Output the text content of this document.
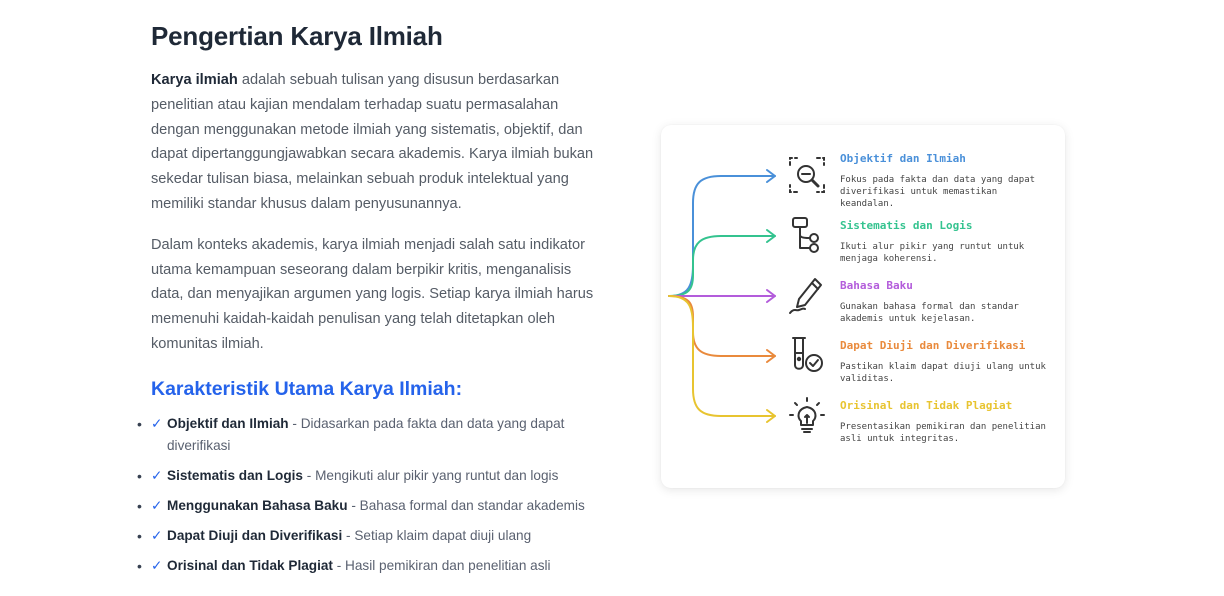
Pengertian Karya Ilmiah

Karya ilmiah adalah sebuah tulisan yang disusun berdasarkan penelitian atau kajian mendalam terhadap suatu permasalahan dengan menggunakan metode ilmiah yang sistematis, objektif, dan dapat dipertanggungjawabkan secara akademis. Karya ilmiah bukan sekedar tulisan biasa, melainkan sebuah produk intelektual yang memiliki standar khusus dalam penyusunannya.

Dalam konteks akademis, karya ilmiah menjadi salah satu indikator utama kemampuan seseorang dalam berpikir kritis, menganalisis data, dan menyajikan argumen yang logis. Setiap karya ilmiah harus memenuhi kaidah-kaidah penulisan yang telah ditetapkan oleh komunitas ilmiah.

Karakteristik Utama Karya Ilmiah:
• ✓ Objektif dan Ilmiah - Didasarkan pada fakta dan data yang dapat diverifikasi
• ✓ Sistematis dan Logis - Mengikuti alur pikir yang runtut dan logis
• ✓ Menggunakan Bahasa Baku - Bahasa formal dan standar akademis
• ✓ Dapat Diuji dan Diverifikasi - Setiap klaim dapat diuji ulang
• ✓ Orisinal dan Tidak Plagiat - Hasil pemikiran dan penelitian asli
Objektif dan Ilmiah
Fokus pada fakta dan data yang dapat diverifikasi untuk memastikan keandalan.
Sistematis dan Logis
Ikuti alur pikir yang runtut untuk menjaga koherensi.
Bahasa Baku
Gunakan bahasa formal dan standar akademis untuk kejelasan.
Dapat Diuji dan Diverifikasi
Pastikan klaim dapat diuji ulang untuk validitas.
Orisinal dan Tidak Plagiat
Presentasikan pemikiran dan penelitian asli untuk integritas.
